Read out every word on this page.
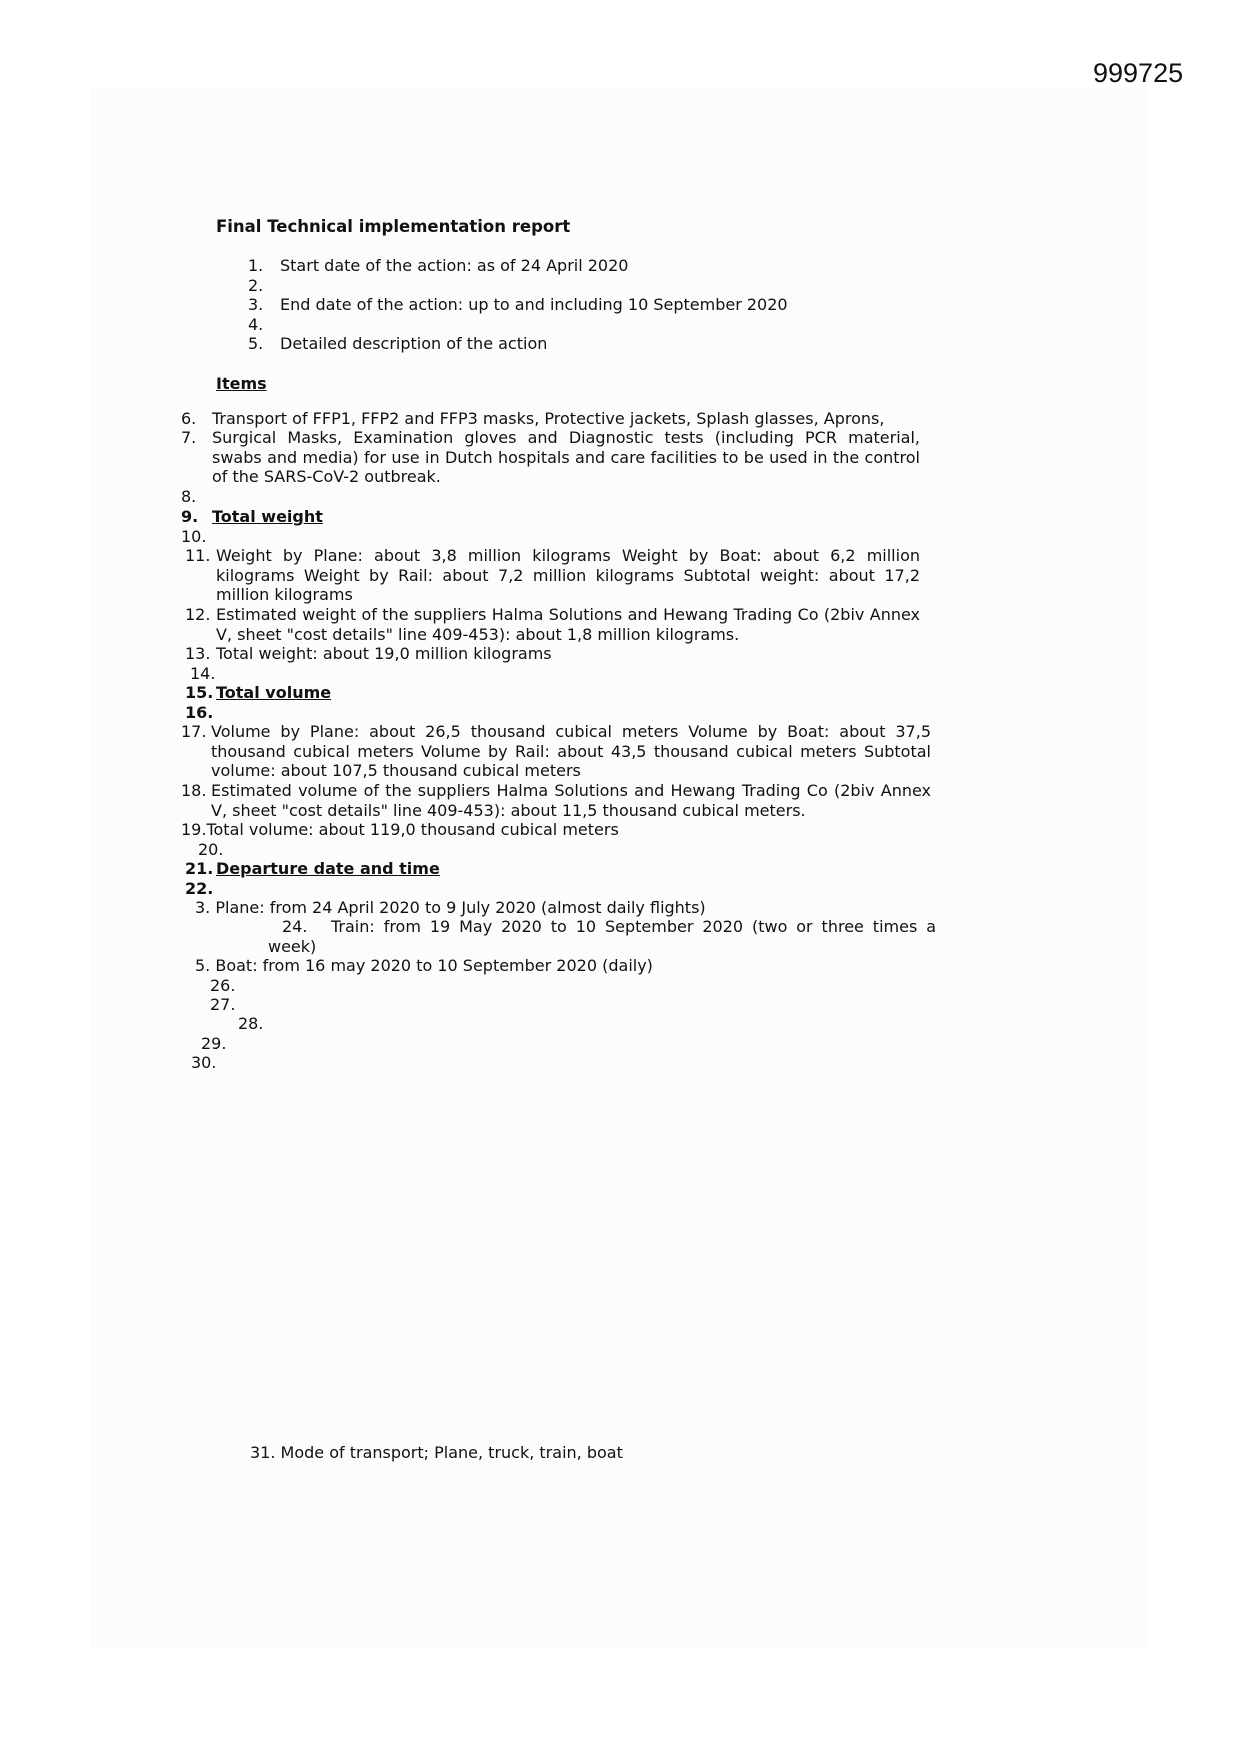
999725
Final Technical implementation report
1. Start date of the action: as of 24 April 2020
2.
3. End date of the action: up to and including 10 September 2020
4.
5. Detailed description of the action
Items
6. Transport of FFP1, FFP2 and FFP3 masks, Protective jackets, Splash glasses, Aprons,
7. Surgical Masks, Examination gloves and Diagnostic tests (including PCR material, swabs and media) for use in Dutch hospitals and care facilities to be used in the control of the SARS-CoV-2 outbreak.
8.
9. Total weight
10.
11. Weight by Plane: about 3,8 million kilograms Weight by Boat: about 6,2 million kilograms Weight by Rail: about 7,2 million kilograms Subtotal weight: about 17,2 million kilograms
12. Estimated weight of the suppliers Halma Solutions and Hewang Trading Co (2biv Annex V, sheet "cost details" line 409-453): about 1,8 million kilograms.
13. Total weight: about 19,0 million kilograms
14.
15. Total volume
16.
17. Volume by Plane: about 26,5 thousand cubical meters Volume by Boat: about 37,5 thousand cubical meters Volume by Rail: about 43,5 thousand cubical meters Subtotal volume: about 107,5 thousand cubical meters
18. Estimated volume of the suppliers Halma Solutions and Hewang Trading Co (2biv Annex V, sheet "cost details" line 409-453): about 11,5 thousand cubical meters.
19.Total volume: about 119,0 thousand cubical meters
20.
21. Departure date and time
22.
3. Plane: from 24 April 2020 to 9 July 2020 (almost daily flights)
24. Train: from 19 May 2020 to 10 September 2020 (two or three times a
week)
5. Boat: from 16 may 2020 to 10 September 2020 (daily)
26.
27.
28.
29.
30.
31. Mode of transport; Plane, truck, train, boat
